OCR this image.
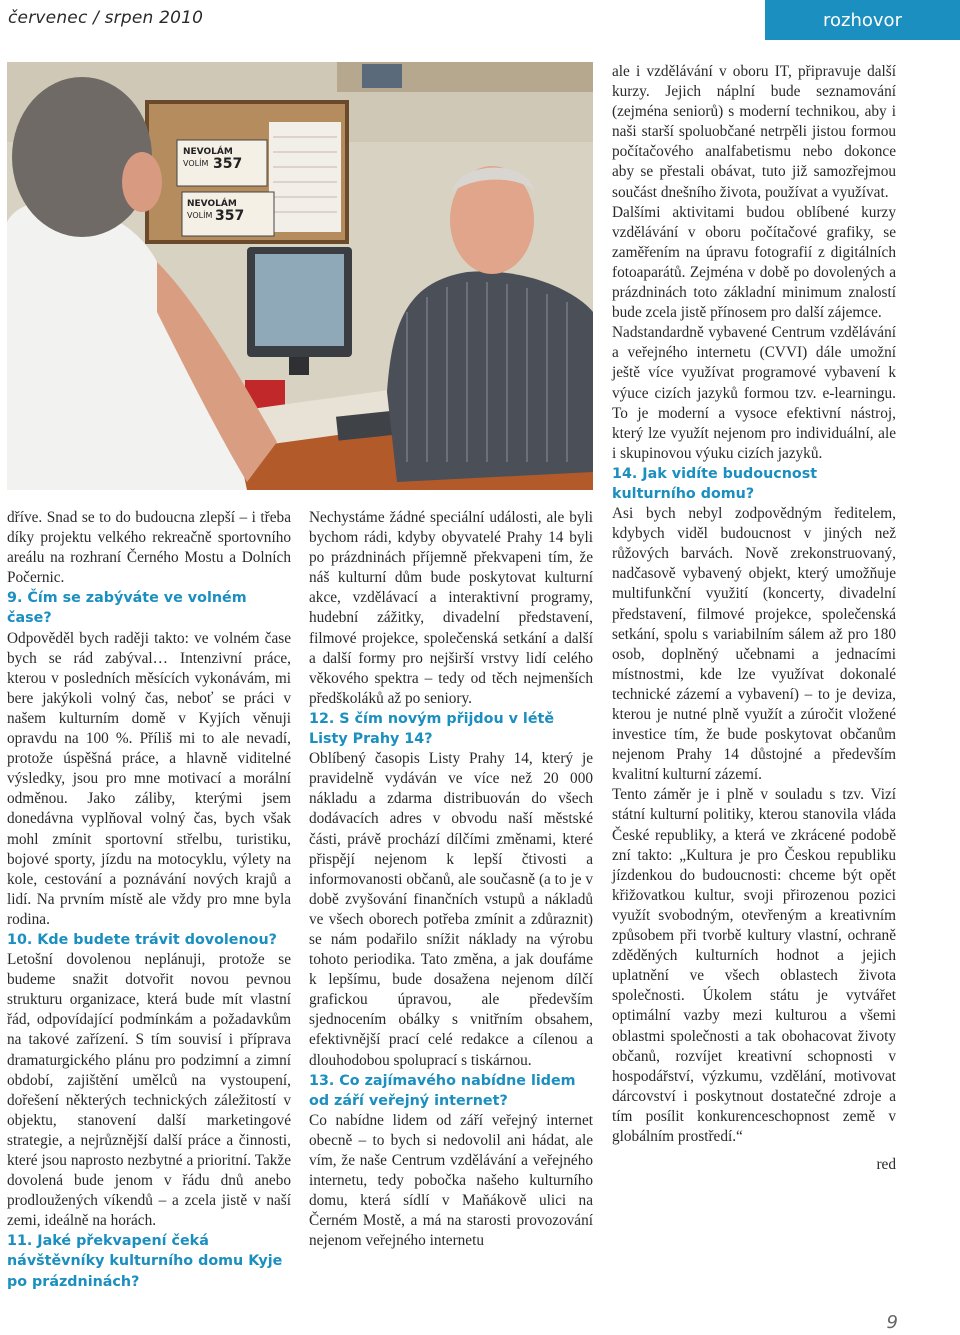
červenec / srpen 2010	rozhovor
NEVOLÁM
VOLÍM 357
NEVOLÁM
VOLÍM 357

dříve. Snad se to do budoucna zlepší – i třeba díky projektu velkého rekreačně sportovního areálu na rozhraní Černého Mostu a Dolních Počernic.

9. Čím se zabýváte ve volném čase?

Odpověděl bych raději takto: ve volném čase bych se rád zabýval… Intenzivní práce, kterou v posledních měsících vykonávám, mi bere jakýkoli volný čas, neboť se práci v našem kulturním domě v Kyjích věnuji opravdu na 100 %. Příliš mi to ale nevadí, protože úspěšná práce, a hlavně viditelné výsledky, jsou pro mne motivací a morální odměnou. Jako záliby, kterými jsem donedávna vyplňoval volný čas, bych však mohl zmínit sportovní střelbu, turistiku, bojové sporty, jízdu na motocyklu, výlety na kole, cestování a poznávání nových krajů a lidí. Na prvním místě ale vždy pro mne byla rodina.

10. Kde budete trávit dovolenou?

Letošní dovolenou neplánuji, protože se budeme snažit dotvořit novou pevnou strukturu organizace, která bude mít vlastní řád, odpovídající podmínkám a požadavkům na takové zařízení. S tím souvisí i příprava dramaturgického plánu pro podzimní a zimní období, zajištění umělců na vystoupení, dořešení některých technických záležitostí v objektu, stanovení další marketingové strategie, a nejrůznější další práce a činnosti, které jsou naprosto nezbytné a prioritní. Takže dovolená bude jenom v řádu dnů anebo prodloužených víkendů – a zcela jistě v naší zemi, ideálně na horách.

11. Jaké překvapení čeká návštěvníky kulturního domu Kyje po prázdninách?

Nechystáme žádné speciální události, ale byli bychom rádi, kdyby obyvatelé Prahy 14 byli po prázdninách příjemně překvapeni tím, že náš kulturní dům bude poskytovat kulturní akce, vzdělávací a interaktivní programy, hudební zážitky, divadelní představení, filmové projekce, společenská setkání a další a další formy pro nejširší vrstvy lidí celého věkového spektra – tedy od těch nejmenších předškoláků až po seniory.

12. S čím novým přijdou v létě Listy Prahy 14?

Oblíbený časopis Listy Prahy 14, který je pravidelně vydáván ve více než 20 000 nákladu a zdarma distribuován do všech dodávacích adres v obvodu naší městské části, právě prochází dílčími změnami, které přispějí nejenom k lepší čtivosti a informovanosti občanů, ale současně (a to je v době zvyšování finančních vstupů a nákladů ve všech oborech potřeba zmínit a zdůraznit) se nám podařilo snížit náklady na výrobu tohoto periodika. Tato změna, a jak doufáme k lepšímu, bude dosažena nejenom dílčí grafickou úpravou, ale především sjednocením obálky s vnitřním obsahem, efektivnější prací celé redakce a cílenou a dlouhodobou spoluprací s tiskárnou.

13. Co zajímavého nabídne lidem od září veřejný internet?

Co nabídne lidem od září veřejný internet obecně – to bych si nedovolil ani hádat, ale vím, že naše Centrum vzdělávání a veřejného internetu, tedy pobočka našeho kulturního domu, která sídlí v Maňákově ulici na Černém Mostě, a má na starosti provozování nejenom veřejného internetu

ale i vzdělávání v oboru IT, připravuje další kurzy. Jejich náplní bude seznamování (zejména seniorů) s moderní technikou, aby i naši starší spoluobčané netrpěli jistou formou počítačového analfabetismu nebo dokonce aby se přestali obávat, tuto již samozřejmou součást dnešního života, používat a využívat.

Dalšími aktivitami budou oblíbené kurzy vzdělávání v oboru počítačové grafiky, se zaměřením na úpravu fotografií z digitálních fotoaparátů. Zejména v době po dovolených a prázdninách toto základní minimum znalostí bude zcela jistě přínosem pro další zájemce.

Nadstandardně vybavené Centrum vzdělávání a veřejného internetu (CVVI) dále umožní ještě více využívat programové vybavení k výuce cizích jazyků formou tzv. e-learningu. To je moderní a vysoce efektivní nástroj, který lze využít nejenom pro individuální, ale i skupinovou výuku cizích jazyků.

14. Jak vidíte budoucnost kulturního domu?

Asi bych nebyl zodpovědným ředitelem, kdybych viděl budoucnost v jiných než růžových barvách. Nově zrekonstruovaný, nadčasově vybavený objekt, který umožňuje multifunkční využití (koncerty, divadelní představení, filmové projekce, společenská setkání, spolu s variabilním sálem až pro 180 osob, doplněný učebnami a jednacími místnostmi, kde lze využívat dokonalé technické zázemí a vybavení) – to je deviza, kterou je nutné plně využít a zúročit vložené investice tím, že bude poskytovat občanům nejenom Prahy 14 důstojné a především kvalitní kulturní zázemí.

Tento záměr je i plně v souladu s tzv. Vizí státní kulturní politiky, kterou stanovila vláda České republiky, a která ve zkrácené podobě zní takto: „Kultura je pro Českou republiku jízdenkou do budoucnosti: chceme být opět křižovatkou kultur, svoji přirozenou pozici využít svobodným, otevřeným a kreativním způsobem při tvorbě kultury vlastní, ochraně zděděných kulturních hodnot a jejich uplatnění ve všech oblastech života společnosti. Úkolem státu je vytvářet optimální vazby mezi kulturou a všemi oblastmi společnosti a tak obohacovat životy občanů, rozvíjet kreativní schopnosti v hospodářství, výzkumu, vzdělání, motivovat dárcovství i poskytnout dostatečné zdroje a tím posílit konkurenceschopnost země v globálním prostředí.“

red

9
